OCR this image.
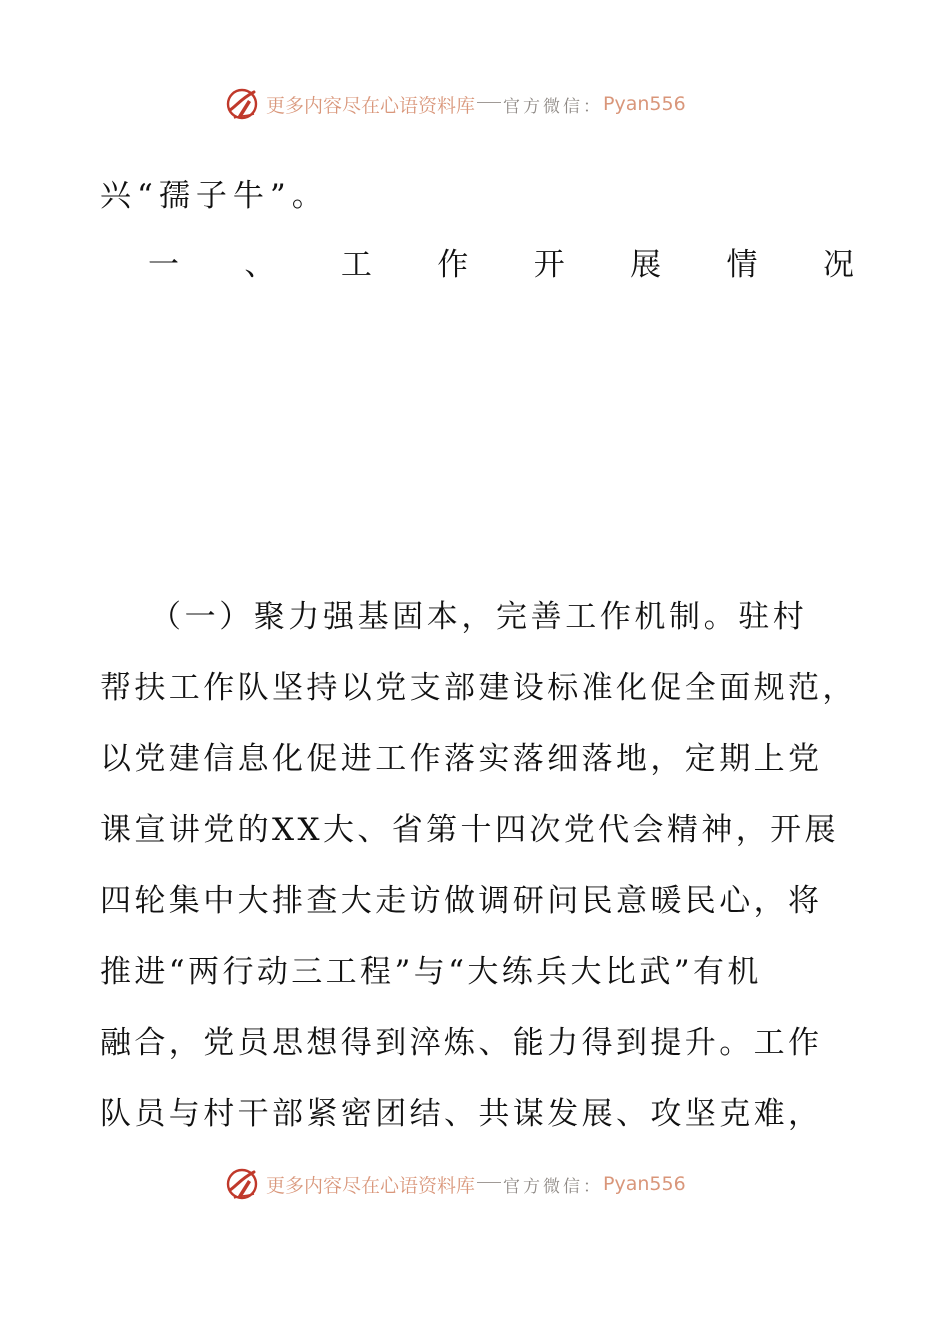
更多内容尽在心语资料库 官方微信： Pyan556
兴“孺子牛”。
一 、 工 作 开 展 情 况
（一）聚力强基固本，完善工作机制。驻村
帮扶工作队坚持以党支部建设标准化促全面规范，
以党建信息化促进工作落实落细落地，定期上党
课宣讲党的XX大、省第十四次党代会精神，开展
四轮集中大排查大走访做调研问民意暖民心，将
推进“两行动三工程”与“大练兵大比武”有机
融合，党员思想得到淬炼、能力得到提升。工作
队员与村干部紧密团结、共谋发展、攻坚克难，
更多内容尽在心语资料库 官方微信： Pyan556
